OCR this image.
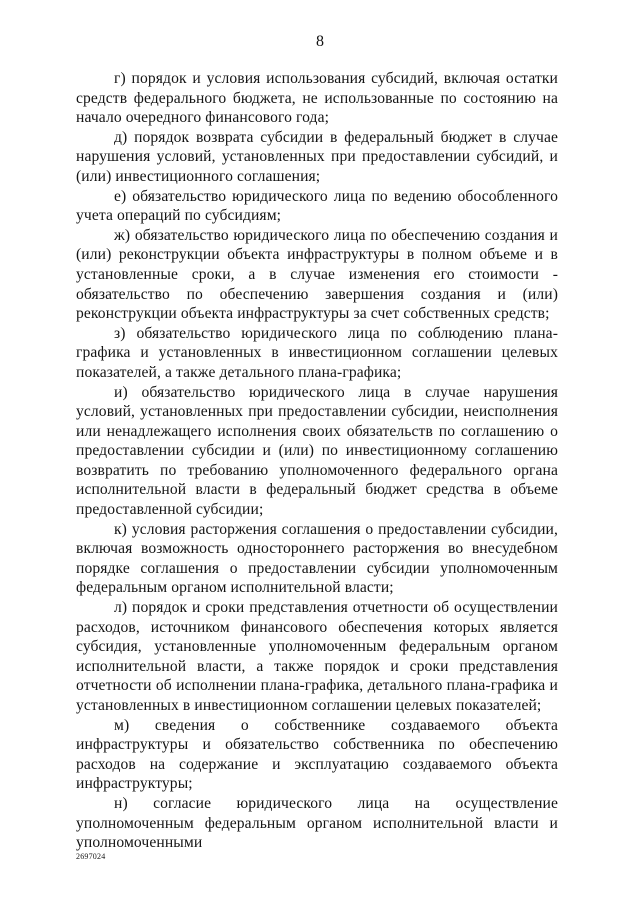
8

г) порядок и условия использования субсидий, включая остатки средств федерального бюджета, не использованные по состоянию на начало очередного финансового года;

д) порядок возврата субсидии в федеральный бюджет в случае нарушения условий, установленных при предоставлении субсидий, и (или) инвестиционного соглашения;

е) обязательство юридического лица по ведению обособленного учета операций по субсидиям;

ж) обязательство юридического лица по обеспечению создания и (или) реконструкции объекта инфраструктуры в полном объеме и в установленные сроки, а в случае изменения его стоимости - обязательство по обеспечению завершения создания и (или) реконструкции объекта инфраструктуры за счет собственных средств;

з) обязательство юридического лица по соблюдению плана-графика и установленных в инвестиционном соглашении целевых показателей, а также детального плана-графика;

и) обязательство юридического лица в случае нарушения условий, установленных при предоставлении субсидии, неисполнения или ненадлежащего исполнения своих обязательств по соглашению о предоставлении субсидии и (или) по инвестиционному соглашению возвратить по требованию уполномоченного федерального органа исполнительной власти в федеральный бюджет средства в объеме предоставленной субсидии;

к) условия расторжения соглашения о предоставлении субсидии, включая возможность одностороннего расторжения во внесудебном порядке соглашения о предоставлении субсидии уполномоченным федеральным органом исполнительной власти;

л) порядок и сроки представления отчетности об осуществлении расходов, источником финансового обеспечения которых является субсидия, установленные уполномоченным федеральным органом исполнительной власти, а также порядок и сроки представления отчетности об исполнении плана-графика, детального плана-графика и установленных в инвестиционном соглашении целевых показателей;

м) сведения о собственнике создаваемого объекта инфраструктуры и обязательство собственника по обеспечению расходов на содержание и эксплуатацию создаваемого объекта инфраструктуры;

н) согласие юридического лица на осуществление уполномоченным федеральным органом исполнительной власти и уполномоченными

2697024
